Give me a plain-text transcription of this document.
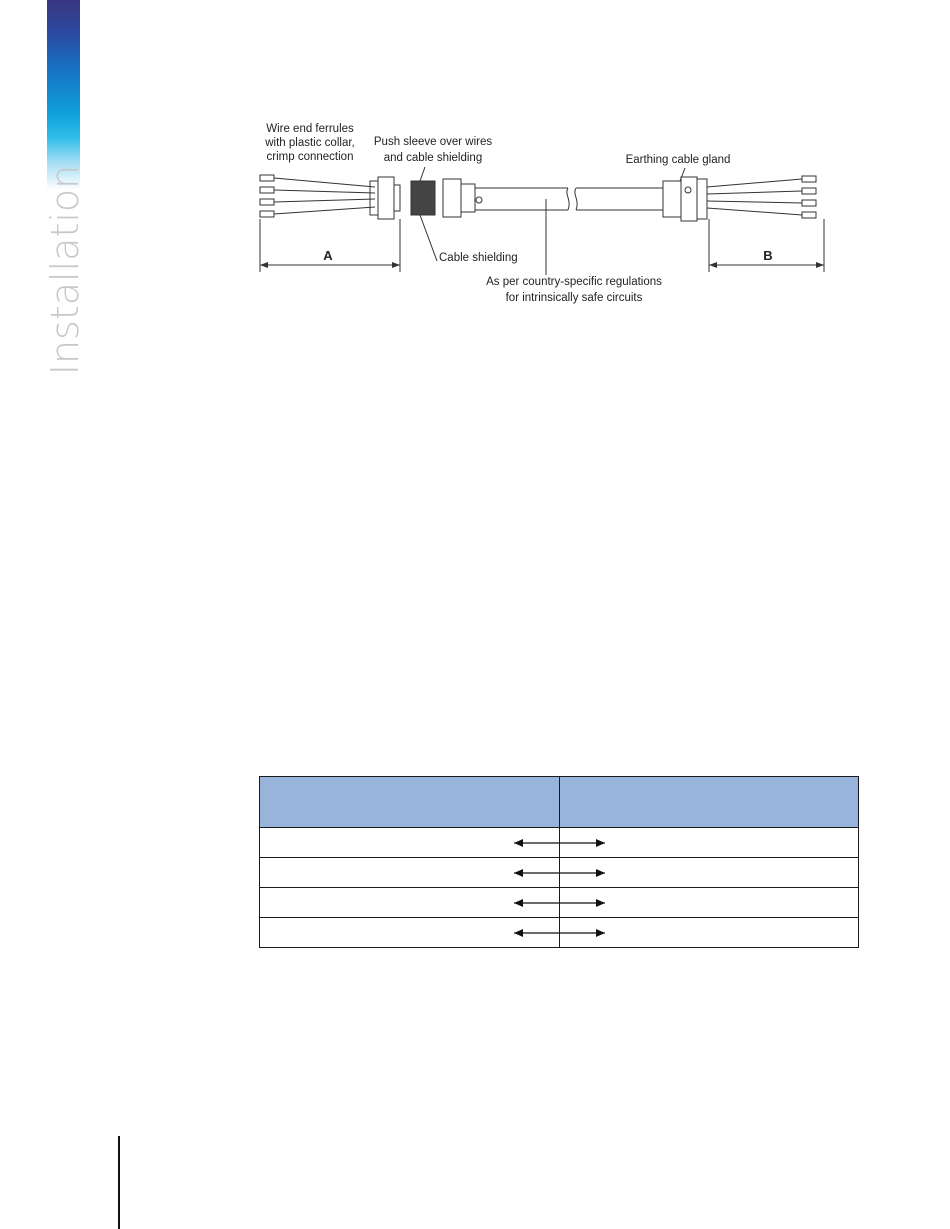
Installation
Wire end ferrules
with plastic collar,
crimp connection
Push sleeve over wires
and cable shielding	Earthing cable gland
Cable shielding
As per country-specific regulations
for intrinsically safe circuits
A	B
